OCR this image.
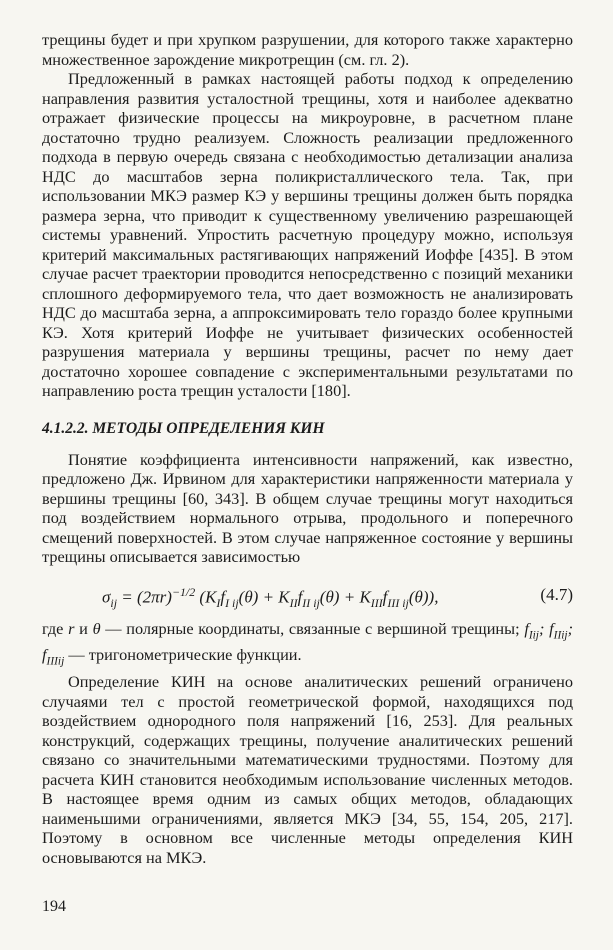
трещины будет и при хрупком разрушении, для которого также характерно множественное зарождение микротрещин (см. гл. 2).

Предложенный в рамках настоящей работы подход к определению направления развития усталостной трещины, хотя и наиболее адекватно отражает физические процессы на микроуровне, в расчетном плане достаточно трудно реализуем. Сложность реализации предложенного подхода в первую очередь связана с необходимостью детализации анализа НДС до масштабов зерна поликристаллического тела. Так, при использовании МКЭ размер КЭ у вершины трещины должен быть порядка размера зерна, что приводит к существенному увеличению разрешающей системы уравнений. Упростить расчетную процедуру можно, используя критерий максимальных растягивающих напряжений Иоффе [435]. В этом случае расчет траектории проводится непосредственно с позиций механики сплошного деформируемого тела, что дает возможность не анализировать НДС до масштаба зерна, а аппроксимировать тело гораздо более крупными КЭ. Хотя критерий Иоффе не учитывает физических особенностей разрушения материала у вершины трещины, расчет по нему дает достаточно хорошее совпадение с экспериментальными результатами по направлению роста трещин усталости [180].

4.1.2.2. МЕТОДЫ ОПРЕДЕЛЕНИЯ КИН

Понятие коэффициента интенсивности напряжений, как известно, предложено Дж. Ирвином для характеристики напряженности материала у вершины трещины [60, 343]. В общем случае трещины могут находиться под воздействием нормального отрыва, продольного и поперечного смещений поверхностей. В этом случае напряженное состояние у вершины трещины описывается зависимостью

$\sigma_{ij} = (2\pi r)^{-1/2}$ $(K_If_{I ij}(\theta) + K_{II}f_{II ij}(\theta) + K_{III}f_{III ij}(\theta))$,	(4.7)

где r и θ — полярные координаты, связанные с вершиной трещины; $f_{Iij}$; $f_{IIij}$; $f_{IIIij}$ — тригонометрические функции.

Определение КИН на основе аналитических решений ограничено случаями тел с простой геометрической формой, находящихся под воздействием однородного поля напряжений [16, 253]. Для реальных конструкций, содержащих трещины, получение аналитических решений связано со значительными математическими трудностями. Поэтому для расчета КИН становится необходимым использование численных методов. В настоящее время одним из самых общих методов, обладающих наименьшими ограничениями, является МКЭ [34, 55, 154, 205, 217]. Поэтому в основном все численные методы определения КИН основываются на МКЭ.

194
